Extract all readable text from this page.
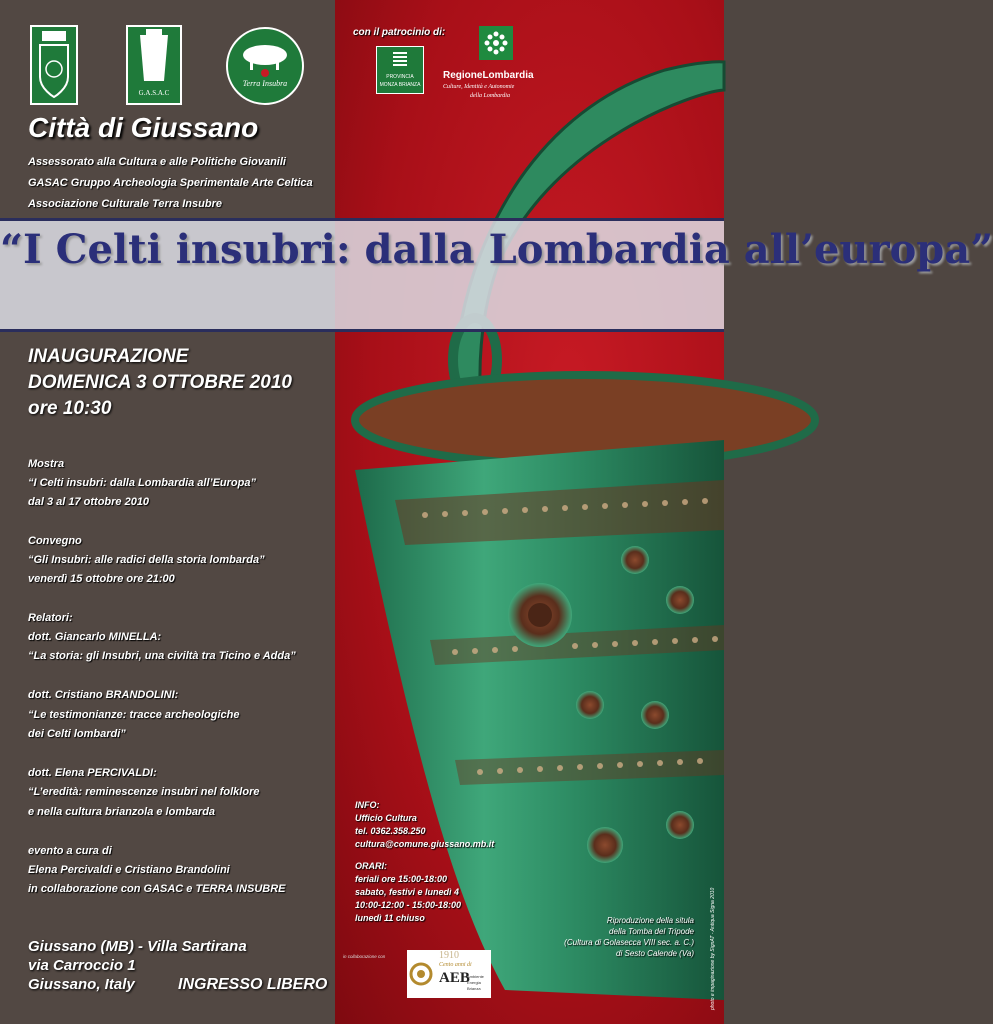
G.A.S.A.C
Terra Insubra
con il patrocinio di:
PROVINCIA
MONZA BRIANZA
RegioneLombardia
Culture, Identità e Autonomie
della Lombardia
Città di Giussano
Assessorato alla Cultura e alle Politiche Giovanili
GASAC Gruppo Archeologia Sperimentale Arte Celtica
Associazione Culturale Terra Insubre
“I Celti insubri: dalla Lombardia all’europa”
INAUGURAZIONE
DOMENICA 3 OTTOBRE 2010
ore 10:30
Mostra
“I Celti insubri: dalla Lombardia all’Europa”
dal 3 al 17 ottobre 2010
Convegno
“Gli Insubri: alle radici della storia lombarda”
venerdì 15 ottobre ore 21:00
Relatori:
dott. Giancarlo MINELLA:
“La storia: gli Insubri, una civiltà tra Ticino e Adda”
dott. Cristiano BRANDOLINI:
“Le testimonianze: tracce archeologiche
dei Celti lombardi”
dott. Elena PERCIVALDI:
“L’eredità: reminescenze insubri nel folklore
e nella cultura brianzola e lombarda
evento a cura di
Elena Percivaldi e Cristiano Brandolini
in collaborazione con GASAC e TERRA INSUBRE
Giussano (MB) - Villa Sartirana
via Carroccio 1
Giussano, Italy	INGRESSO LIBERO
INFO:
Ufficio Cultura
tel. 0362.358.250
cultura@comune.giussano.mb.it
ORARI:
feriali ore 15:00-18:00
sabato, festivi e lunedì 4
10:00-12:00 - 15:00-18:00
lunedì 11 chiuso	Riproduzione della situla
della Tomba del Tripode
(Cultura di Golasecca VIII sec. a. C.)
di Sesto Calende (Va)	photo e impaginazione by SignAT - Antiqua Signa 2010
in collaborazione con	1910
Cento anni di
AEB
Ambiente
Energia
Brianza
